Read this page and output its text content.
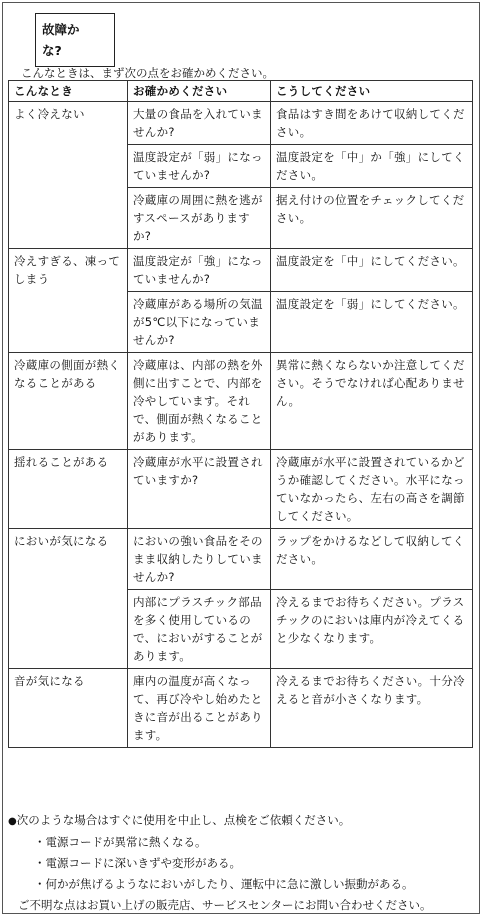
故障か
な?
こんなときは、まず次の点をお確かめください。
こんなとき	お確かめください	こうしてください
よく冷えない	大量の食品を入れていませんか?	食品はすき間をあけて収納してください。
	温度設定が「弱」になっていませんか?	温度設定を「中」か「強」にしてください。
	冷蔵庫の周囲に熱を逃がすスペースがありますか?	据え付けの位置をチェックしてください。
冷えすぎる、凍ってしまう	温度設定が「強」になっていませんか?	温度設定を「中」にしてください。
	冷蔵庫がある場所の気温が5℃以下になっていませんか?	温度設定を「弱」にしてください。
冷蔵庫の側面が熱くなることがある	冷蔵庫は、内部の熱を外側に出すことで、内部を冷やしています。それで、側面が熱くなることがあります。	異常に熱くならないか注意してください。そうでなければ心配ありません。
揺れることがある	冷蔵庫が水平に設置されていますか?	冷蔵庫が水平に設置されているかどうか確認してください。水平になっていなかったら、左右の高さを調節してください。
においが気になる	においの強い食品をそのまま収納したりしていませんか?	ラップをかけるなどして収納してください。
	内部にプラスチック部品を多く使用しているので、においがすることがあります。	冷えるまでお待ちください。プラスチックのにおいは庫内が冷えてくると少なくなります。
音が気になる	庫内の温度が高くなって、再び冷やし始めたときに音が出ることがあります。	冷えるまでお待ちください。十分冷えると音が小さくなります。
●次のような場合はすぐに使用を中止し、点検をご依頼ください。
・電源コードが異常に熱くなる。
・電源コードに深いきずや変形がある。
・何かが焦げるようなにおいがしたり、運転中に急に激しい振動がある。
ご不明な点はお買い上げの販売店、サービスセンターにお問い合わせください。
